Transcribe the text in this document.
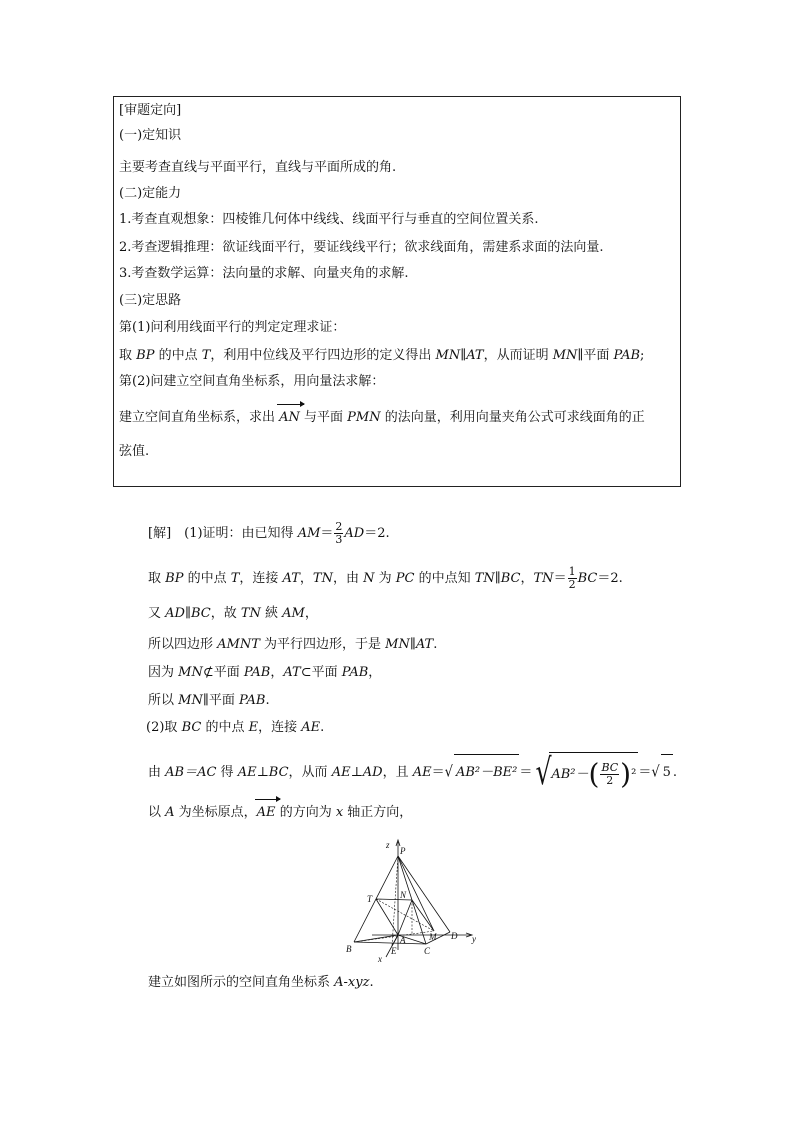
[审题定向]
(一)定知识
主要考查直线与平面平行，直线与平面所成的角.
(二)定能力
1.考查直观想象：四棱锥几何体中线线、线面平行与垂直的空间位置关系.
2.考查逻辑推理：欲证线面平行，要证线线平行；欲求线面角，需建系求面的法向量.
3.考查数学运算：法向量的求解、向量夹角的求解.
(三)定思路
第(1)问利用线面平行的判定定理求证：
取 BP 的中点 T，利用中位线及平行四边形的定义得出 MN∥AT，从而证明 MN∥平面 PAB;
第(2)问建立空间直角坐标系，用向量法求解：
建立空间直角坐标系，求出 AN 与平面 PMN 的法向量，利用向量夹角公式可求线面角的正
弦值.
[解]　(1)证明：由已知得 $AM= \frac{2}{3} AD=2$.
取 BP 的中点 T，连接 AT，TN，由 N 为 PC 的中点知 TN∥BC，$TN= \frac{1}{2} BC=2$.
又 AD∥BC，故 TN 綊 AM，
所以四边形 AMNT 为平行四边形，于是 MN∥AT.
因为 MN⊄平面 PAB，AT⊂平面 PAB，
所以 MN∥平面 PAB.
(2)取 BC 的中点 E，连接 AE.
由 AB＝AC 得 AE⊥BC，从而 AE⊥AD，且 AE＝√ $AB^2-BE^2 =√AB^2-( \frac{BC}{2} )^2$ ＝√ 5 .
以 A 为坐标原点，AE 的方向为 x 轴正方向，
z
P
T	N
B	E
A	M
C
D
x
y
建立如图所示的空间直角坐标系 A-xyz.
